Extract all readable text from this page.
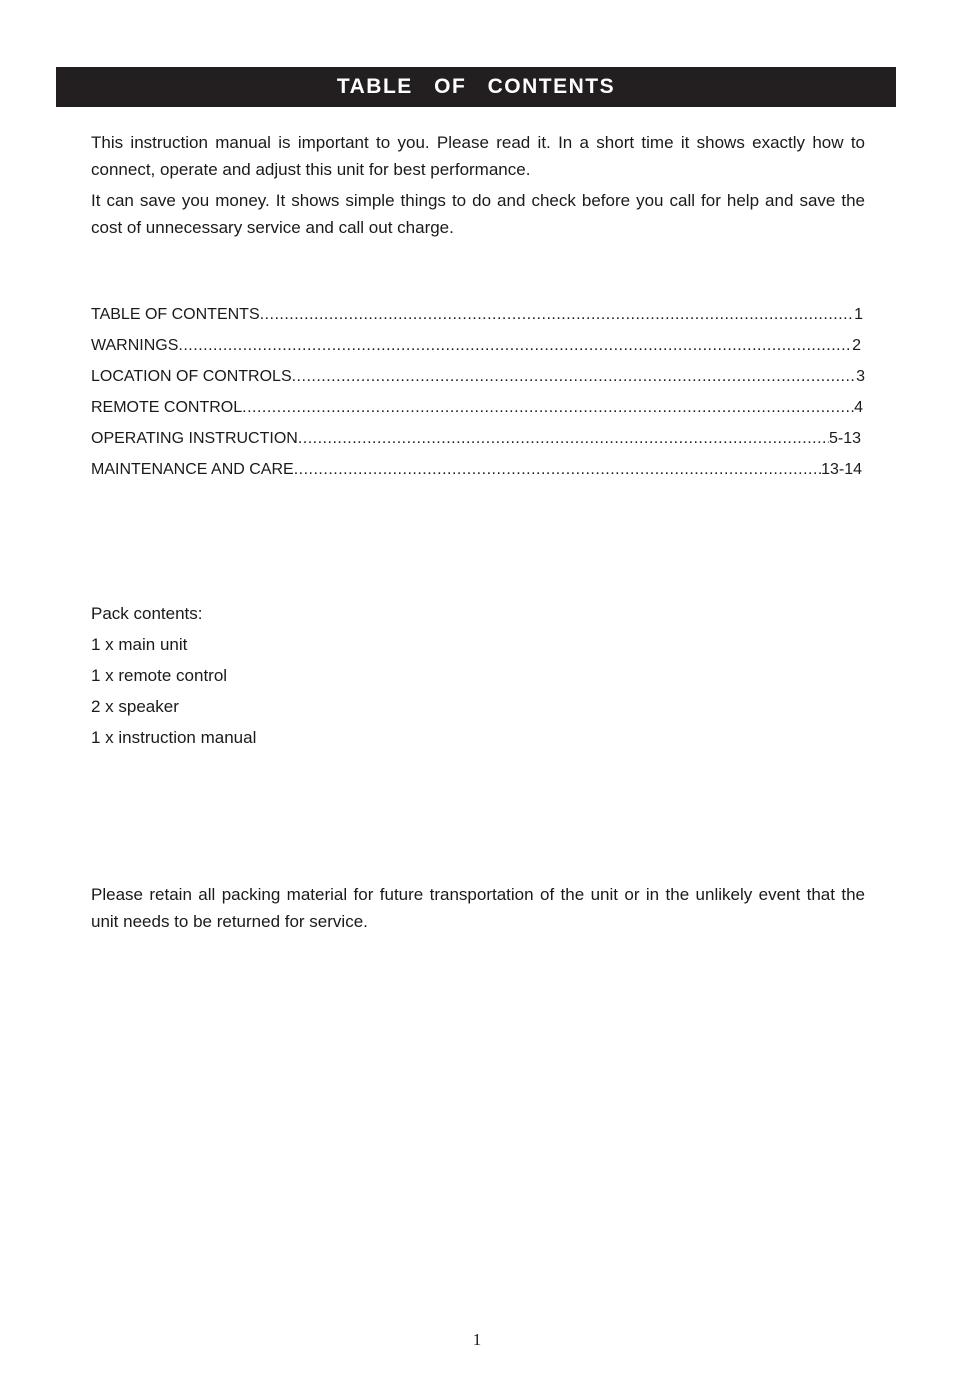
TABLE OF CONTENTS

This instruction manual is important to you. Please read it. In a short time it shows exactly how to connect, operate and adjust this unit for best performance.

It can save you money. It shows simple things to do and check before you call for help and save the cost of unnecessary service and call out charge.

TABLE OF CONTENTS .....	1
WARNINGS .....	2
LOCATION OF CONTROLS .....	3
REMOTE CONTROL .....	4
OPERATING INSTRUCTION .....	5-13
MAINTENANCE AND CARE .....	13-14
Pack contents:
1 x main unit
1 x remote control
2 x speaker
1 x instruction manual
Please retain all packing material for future transportation of the unit or in the unlikely event that the unit needs to be returned for service.
1
